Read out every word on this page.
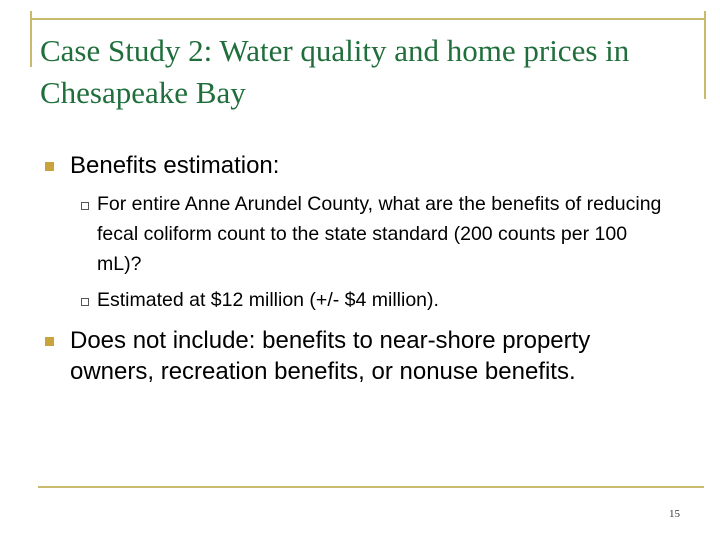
Case Study 2: Water quality and home prices in Chesapeake Bay
Benefits estimation:
For entire Anne Arundel County, what are the benefits of reducing fecal coliform count to the state standard (200 counts per 100 mL)?
Estimated at $12 million (+/- $4 million).
Does not include: benefits to near-shore property owners, recreation benefits, or nonuse benefits.
15
